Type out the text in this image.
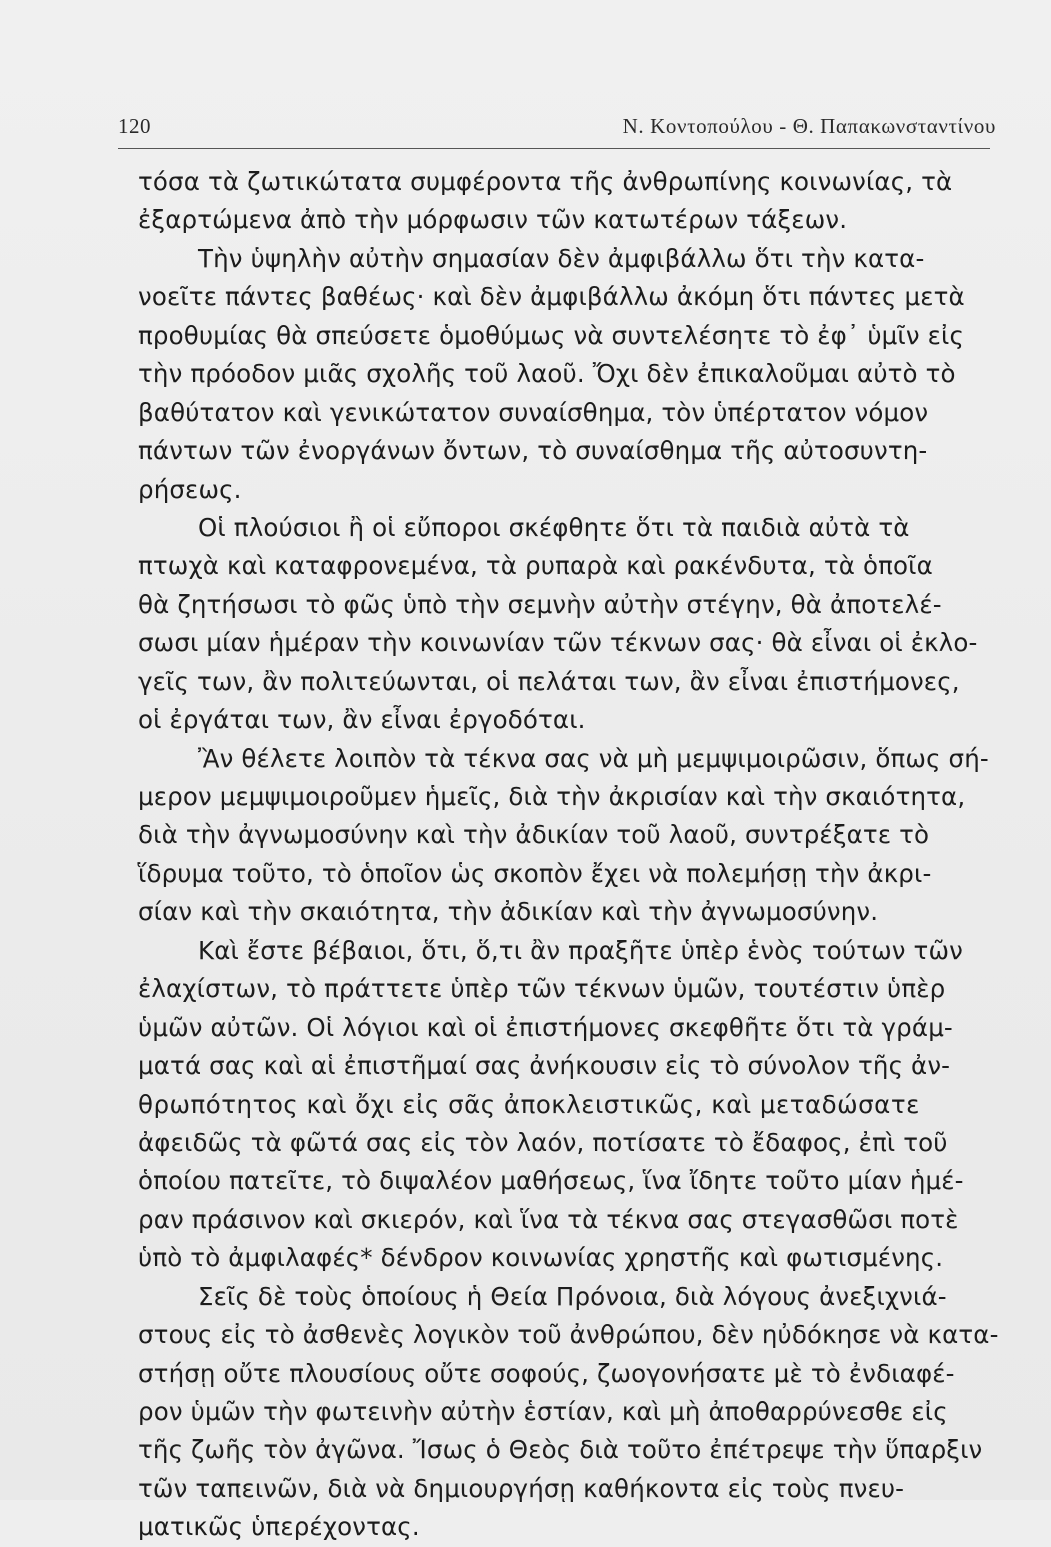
120	Ν. Κοντοπούλου - Θ. Παπακωνσταντίνου
τόσα τὰ ζωτικώτατα συμφέροντα τῆς ἀνθρωπίνης κοινωνίας, τὰ
ἐξαρτώμενα ἀπὸ τὴν μόρφωσιν τῶν κατωτέρων τάξεων.
Τὴν ὑψηλὴν αὐτὴν σημασίαν δὲν ἀμφιβάλλω ὅτι τὴν κατα-
νοεῖτε πάντες βαθέως· καὶ δὲν ἀμφιβάλλω ἀκόμη ὅτι πάντες μετὰ
προθυμίας θὰ σπεύσετε ὁμοθύμως νὰ συντελέσητε τὸ ἐφ᾽ ὑμῖν εἰς
τὴν πρόοδον μιᾶς σχολῆς τοῦ λαοῦ. Ὄχι δὲν ἐπικαλοῦμαι αὐτὸ τὸ
βαθύτατον καὶ γενικώτατον συναίσθημα, τὸν ὑπέρτατον νόμον
πάντων τῶν ἐνοργάνων ὄντων, τὸ συναίσθημα τῆς αὐτοσυντη-
ρήσεως.
Οἱ πλούσιοι ἢ οἱ εὔποροι σκέφθητε ὅτι τὰ παιδιὰ αὐτὰ τὰ
πτωχὰ καὶ καταφρονεμένα, τὰ ρυπαρὰ καὶ ρακένδυτα, τὰ ὁποῖα
θὰ ζητήσωσι τὸ φῶς ὑπὸ τὴν σεμνὴν αὐτὴν στέγην, θὰ ἀποτελέ-
σωσι μίαν ἡμέραν τὴν κοινωνίαν τῶν τέκνων σας· θὰ εἶναι οἱ ἐκλο-
γεῖς των, ἂν πολιτεύωνται, οἱ πελάται των, ἂν εἶναι ἐπιστήμονες,
οἱ ἐργάται των, ἂν εἶναι ἐργοδόται.
Ἂν θέλετε λοιπὸν τὰ τέκνα σας νὰ μὴ μεμψιμοιρῶσιν, ὅπως σή-
μερον μεμψιμοιροῦμεν ἡμεῖς, διὰ τὴν ἀκρισίαν καὶ τὴν σκαιότητα,
διὰ τὴν ἀγνωμοσύνην καὶ τὴν ἀδικίαν τοῦ λαοῦ, συντρέξατε τὸ
ἵδρυμα τοῦτο, τὸ ὁποῖον ὡς σκοπὸν ἔχει νὰ πολεμήσῃ τὴν ἀκρι-
σίαν καὶ τὴν σκαιότητα, τὴν ἀδικίαν καὶ τὴν ἀγνωμοσύνην.
Καὶ ἔστε βέβαιοι, ὅτι, ὅ,τι ἂν πραξῆτε ὑπὲρ ἑνὸς τούτων τῶν
ἐλαχίστων, τὸ πράττετε ὑπὲρ τῶν τέκνων ὑμῶν, τουτέστιν ὑπὲρ
ὑμῶν αὐτῶν. Οἱ λόγιοι καὶ οἱ ἐπιστήμονες σκεφθῆτε ὅτι τὰ γράμ-
ματά σας καὶ αἱ ἐπιστῆμαί σας ἀνήκουσιν εἰς τὸ σύνολον τῆς ἀν-
θρωπότητος καὶ ὄχι εἰς σᾶς ἀποκλειστικῶς, καὶ μεταδώσατε
ἀφειδῶς τὰ φῶτά σας εἰς τὸν λαόν, ποτίσατε τὸ ἔδαφος, ἐπὶ τοῦ
ὁποίου πατεῖτε, τὸ διψαλέον μαθήσεως, ἵνα ἴδητε τοῦτο μίαν ἡμέ-
ραν πράσινον καὶ σκιερόν, καὶ ἵνα τὰ τέκνα σας στεγασθῶσι ποτὲ
ὑπὸ τὸ ἀμφιλαφές* δένδρον κοινωνίας χρηστῆς καὶ φωτισμένης.
Σεῖς δὲ τοὺς ὁποίους ἡ Θεία Πρόνοια, διὰ λόγους ἀνεξιχνιά-
στους εἰς τὸ ἀσθενὲς λογικὸν τοῦ ἀνθρώπου, δὲν ηὐδόκησε νὰ κατα-
στήσῃ οὔτε πλουσίους οὔτε σοφούς, ζωογονήσατε μὲ τὸ ἐνδιαφέ-
ρον ὑμῶν τὴν φωτεινὴν αὐτὴν ἑστίαν, καὶ μὴ ἀποθαρρύνεσθε εἰς
τῆς ζωῆς τὸν ἀγῶνα. Ἴσως ὁ Θεὸς διὰ τοῦτο ἐπέτρεψε τὴν ὕπαρξιν
τῶν ταπεινῶν, διὰ νὰ δημιουργήσῃ καθήκοντα εἰς τοὺς πνευ-
ματικῶς ὑπερέχοντας.
